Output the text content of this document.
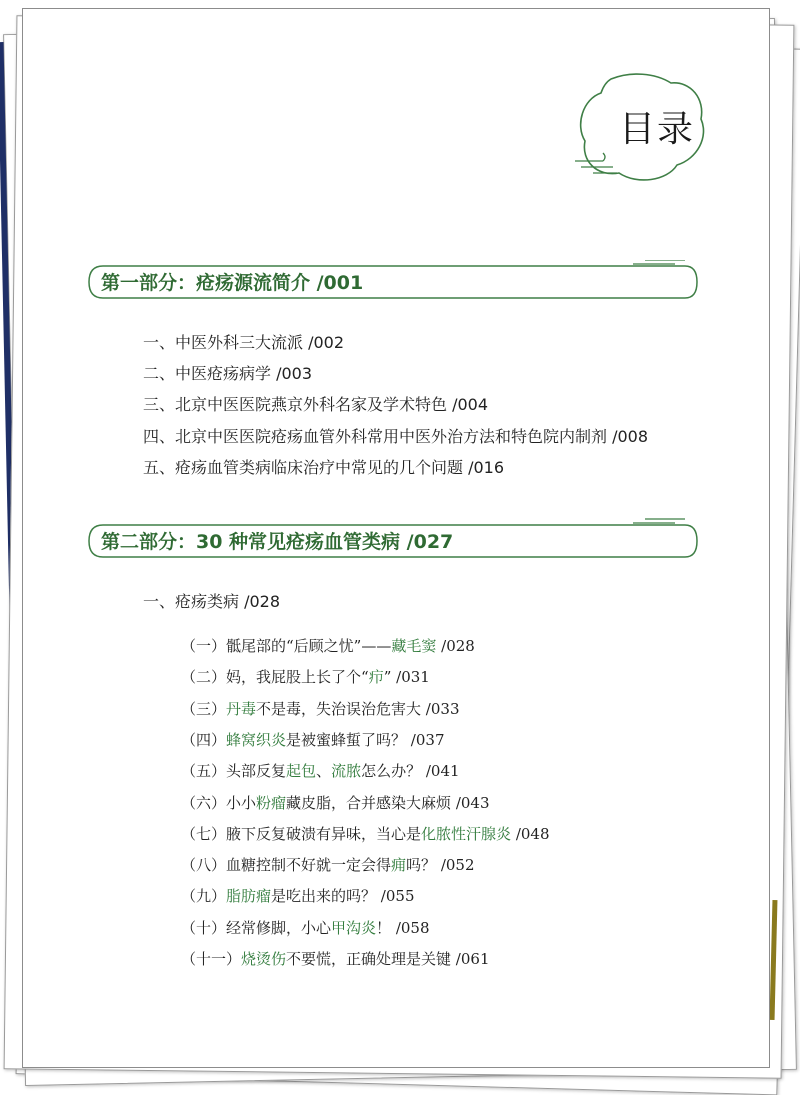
目录
第一部分：疮疡源流简介 /001
一、中医外科三大流派 /002
二、中医疮疡病学 /003
三、北京中医医院燕京外科名家及学术特色 /004
四、北京中医医院疮疡血管外科常用中医外治方法和特色院内制剂 /008
五、疮疡血管类病临床治疗中常见的几个问题 /016
第二部分：30 种常见疮疡血管类病 /027
一、疮疡类病 /028
（一）骶尾部的“后顾之忧”——藏毛窦 /028
（二）妈，我屁股上长了个“疖” /031
（三）丹毒不是毒，失治误治危害大 /033
（四）蜂窝织炎是被蜜蜂蜇了吗？ /037
（五）头部反复起包、流脓怎么办？ /041
（六）小小粉瘤藏皮脂，合并感染大麻烦 /043
（七）腋下反复破溃有异味，当心是化脓性汗腺炎 /048
（八）血糖控制不好就一定会得痈吗？ /052
（九）脂肪瘤是吃出来的吗？ /055
（十）经常修脚，小心甲沟炎！ /058
（十一）烧烫伤不要慌，正确处理是关键 /061
